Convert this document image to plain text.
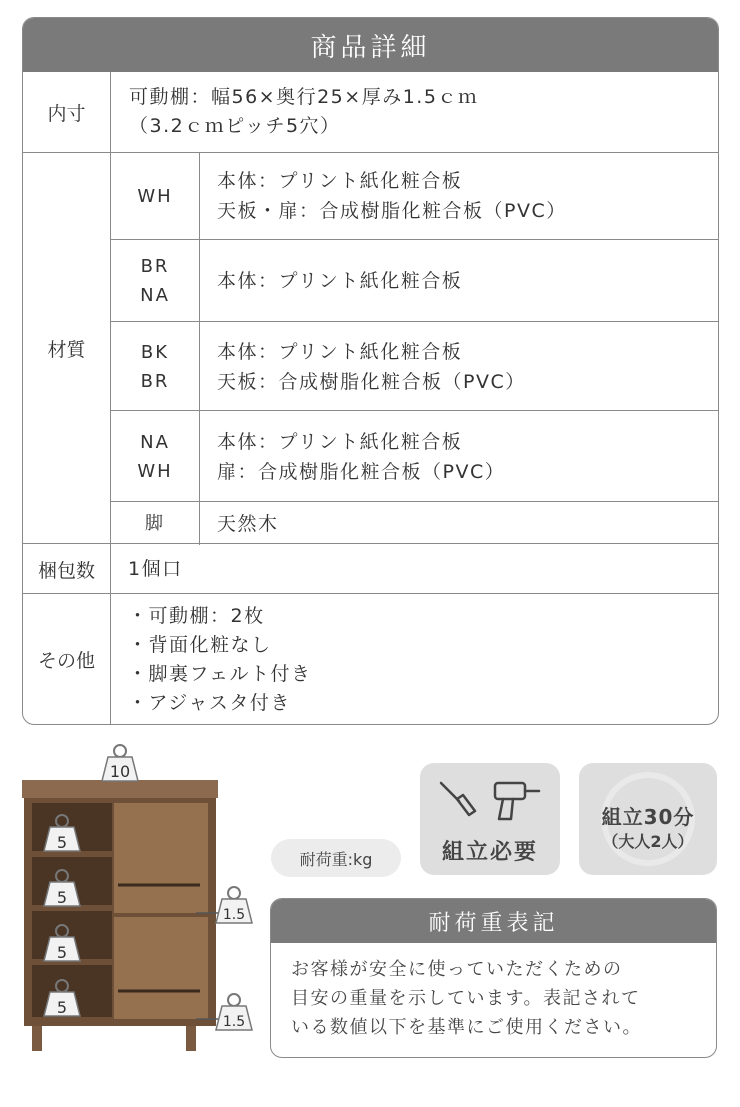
商品詳細
内寸
可動棚：幅56×奥行25×厚み1.5ｃｍ
（3.2ｃｍピッチ5穴）
材質
WH
本体：プリント紙化粧合板
天板・扉：合成樹脂化粧合板（PVC）
BR
NA
本体：プリント紙化粧合板
BK
BR
本体：プリント紙化粧合板
天板：合成樹脂化粧合板（PVC）
NA
WH
本体：プリント紙化粧合板
扉：合成樹脂化粧合板（PVC）
脚	天然木
梱包数	1個口
その他
・可動棚：2枚
・背面化粧なし
・脚裏フェルト付き
・アジャスタ付き
10
5
5
5
5
1.5
1.5
組立必要
組立30分
（大人2人）
耐荷重:kg
耐荷重表記
お客様が安全に使っていただくための
目安の重量を示しています。表記されて
いる数値以下を基準にご使用ください。
